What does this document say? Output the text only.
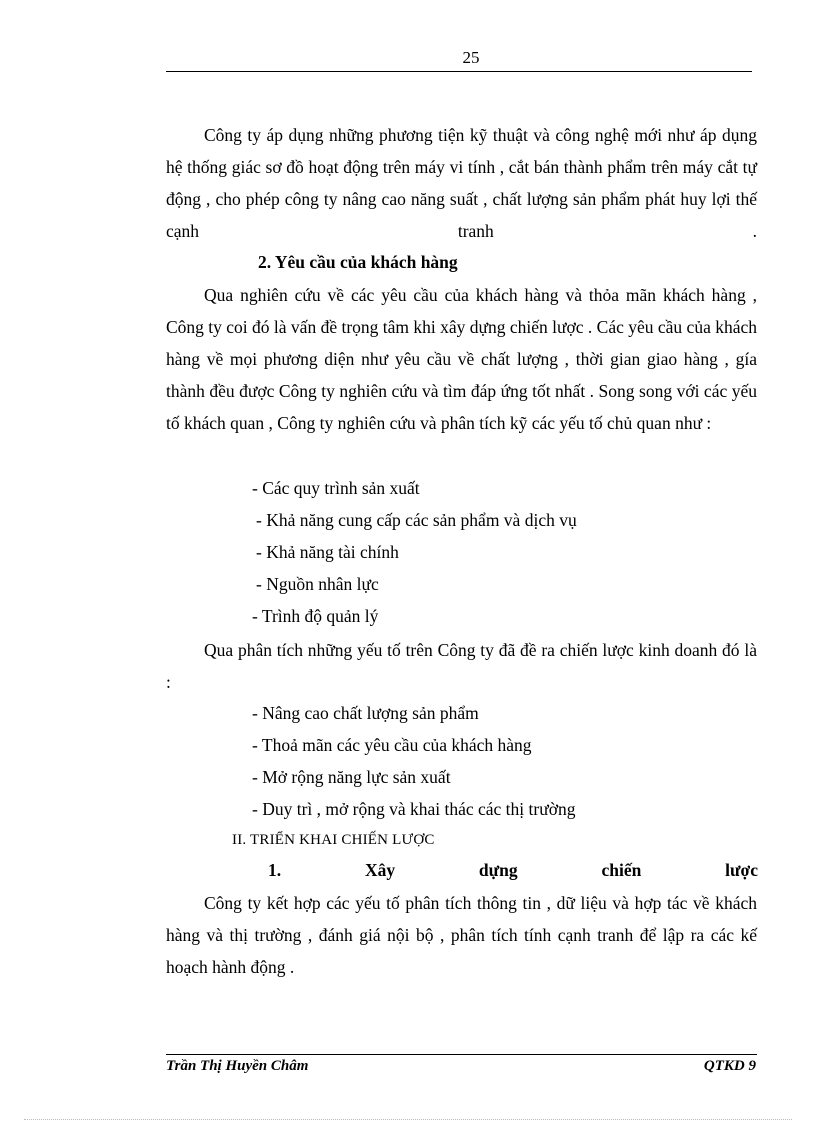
25

Công ty áp dụng những phương tiện kỹ thuật và công nghệ mới như áp dụng hệ thống giác sơ đồ hoạt động trên máy vi tính , cắt bán thành phẩm trên máy cắt tự động , cho phép công ty nâng cao năng suất , chất lượng sản phẩm phát huy lợi thế cạnh tranh .

2. Yêu cầu của khách hàng

Qua nghiên cứu về các yêu cầu của khách hàng và thỏa mãn khách hàng , Công ty coi đó là vấn đề trọng tâm khi xây dựng chiến lược . Các yêu cầu của khách hàng về mọi phương diện như yêu cầu về chất lượng , thời gian giao hàng , gía thành đều được Công ty nghiên cứu và tìm đáp ứng tốt nhất . Song song với các yếu tố khách quan , Công ty nghiên cứu và phân tích kỹ các yếu tố chủ quan như :

- Các quy trình sản xuất
- Khả năng cung cấp các sản phẩm và dịch vụ
- Khả năng tài chính
- Nguồn nhân lực
- Trình độ quản lý

Qua phân tích những yếu tố trên Công ty đã đề ra chiến lược kinh doanh đó là :

- Nâng cao chất lượng sản phẩm
- Thoả mãn các yêu cầu của khách hàng
- Mở rộng năng lực sản xuất
- Duy trì , mở rộng và khai thác các thị trường
II. TRIỂN KHAI CHIẾN LƯỢC
1.	Xây	dựng	chiến	lược

Công ty kết hợp các yếu tố phân tích thông tin , dữ liệu và hợp tác về khách hàng và thị trường , đánh giá nội bộ , phân tích tính cạnh tranh để lập ra các kế hoạch hành động .

Trần Thị Huyền Châm	QTKD 9
